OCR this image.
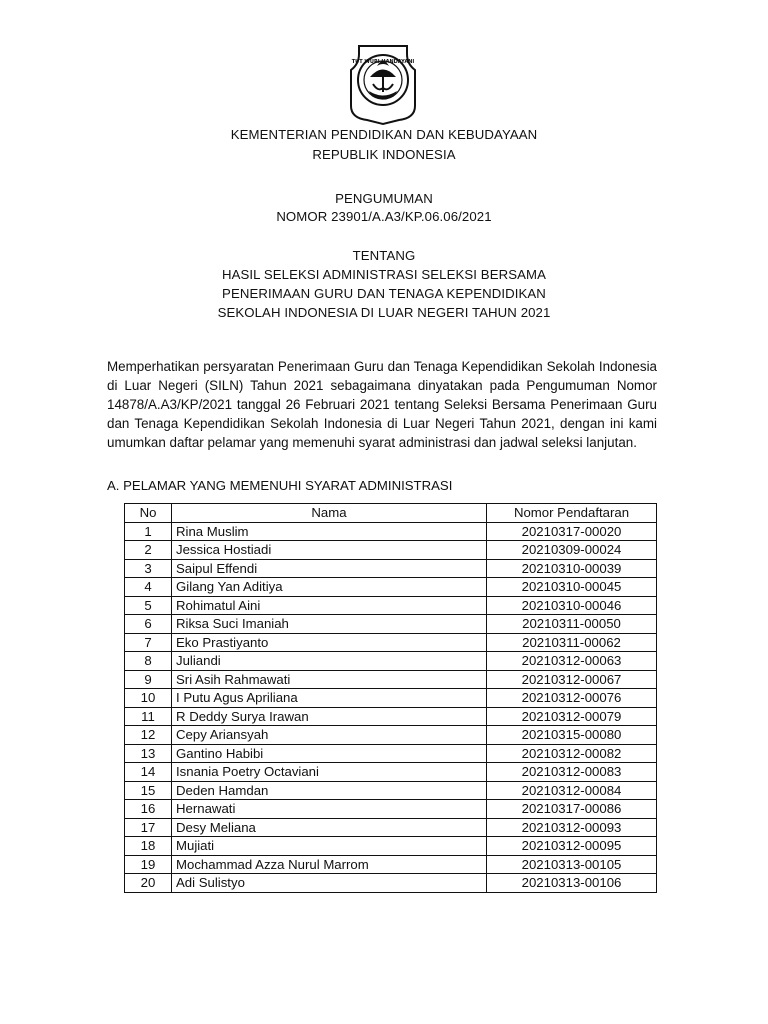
TUT WURI HANDAYANI
KEMENTERIAN PENDIDIKAN DAN KEBUDAYAAN
REPUBLIK INDONESIA
PENGUMUMAN
NOMOR 23901/A.A3/KP.06.06/2021
TENTANG
HASIL SELEKSI ADMINISTRASI SELEKSI BERSAMA
PENERIMAAN GURU DAN TENAGA KEPENDIDIKAN
SEKOLAH INDONESIA DI LUAR NEGERI TAHUN 2021
Memperhatikan persyaratan Penerimaan Guru dan Tenaga Kependidikan Sekolah Indonesia di Luar Negeri (SILN) Tahun 2021 sebagaimana dinyatakan pada Pengumuman Nomor 14878/A.A3/KP/2021 tanggal 26 Februari 2021 tentang Seleksi Bersama Penerimaan Guru dan Tenaga Kependidikan Sekolah Indonesia di Luar Negeri Tahun 2021, dengan ini kami umumkan daftar pelamar yang memenuhi syarat administrasi dan jadwal seleksi lanjutan.
A. PELAMAR YANG MEMENUHI SYARAT ADMINISTRASI
No	Nama	Nomor Pendaftaran
1	Rina Muslim	20210317-00020
2	Jessica Hostiadi	20210309-00024
3	Saipul Effendi	20210310-00039
4	Gilang Yan Aditiya	20210310-00045
5	Rohimatul Aini	20210310-00046
6	Riksa Suci Imaniah	20210311-00050
7	Eko Prastiyanto	20210311-00062
8	Juliandi	20210312-00063
9	Sri Asih Rahmawati	20210312-00067
10	I Putu Agus Apriliana	20210312-00076
11	R Deddy Surya Irawan	20210312-00079
12	Cepy Ariansyah	20210315-00080
13	Gantino Habibi	20210312-00082
14	Isnania Poetry Octaviani	20210312-00083
15	Deden Hamdan	20210312-00084
16	Hernawati	20210317-00086
17	Desy Meliana	20210312-00093
18	Mujiati	20210312-00095
19	Mochammad Azza Nurul Marrom	20210313-00105
20	Adi Sulistyo	20210313-00106
